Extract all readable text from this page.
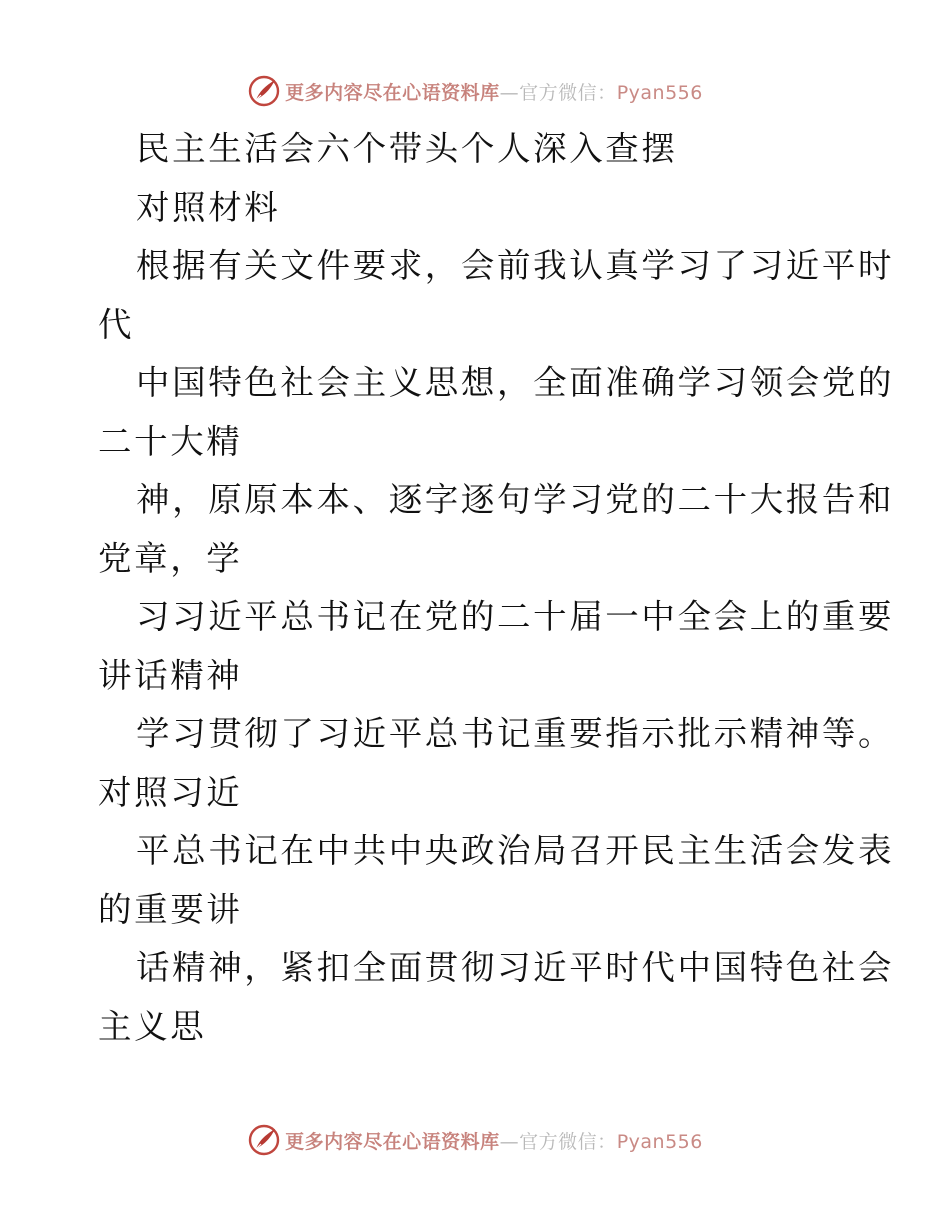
更多内容尽在心语资料库—官方微信：Pyan556
民主生活会六个带头个人深入查摆
对照材料
根据有关文件要求，会前我认真学习了习近平时
代
中国特色社会主义思想，全面准确学习领会党的
二十大精
神，原原本本、逐字逐句学习党的二十大报告和
党章，学
习习近平总书记在党的二十届一中全会上的重要
讲话精神
学习贯彻了习近平总书记重要指示批示精神等。
对照习近
平总书记在中共中央政治局召开民主生活会发表
的重要讲
话精神，紧扣全面贯彻习近平时代中国特色社会
主义思
更多内容尽在心语资料库—官方微信：Pyan556
